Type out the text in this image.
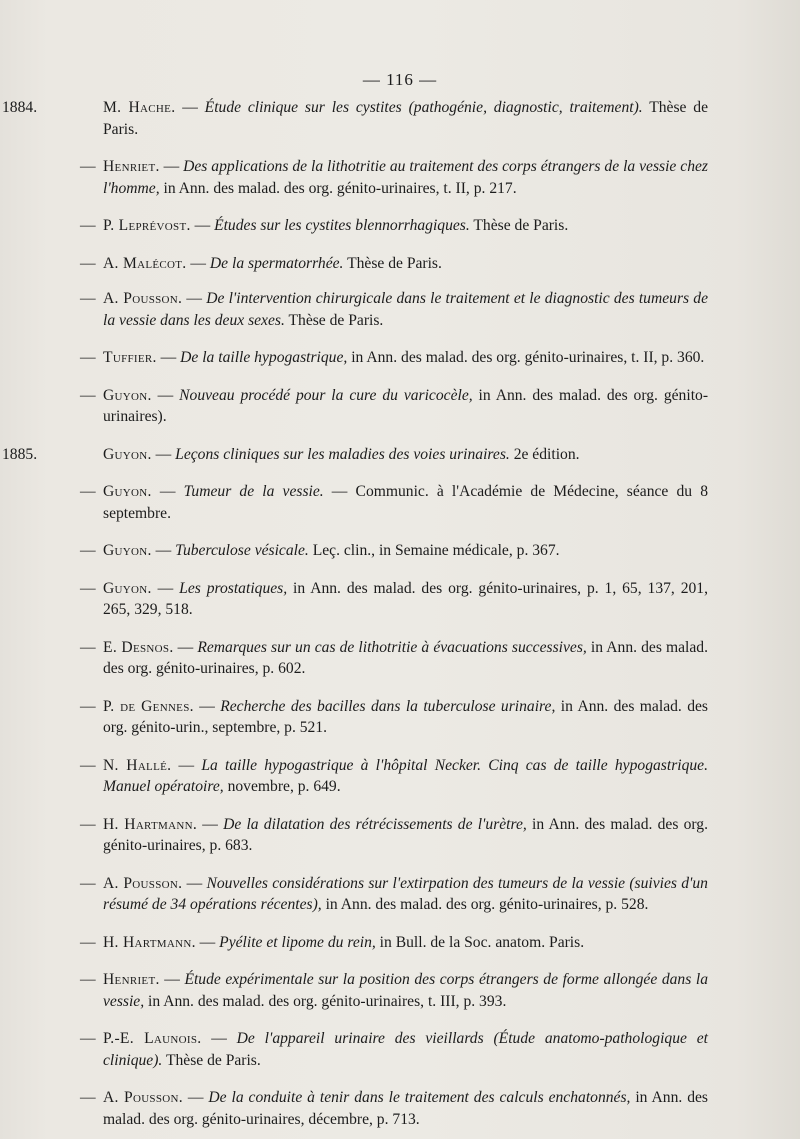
— 116 —
1884.	M. Hache. — Étude clinique sur les cystites (pathogénie, diagnostic, traitement). Thèse de Paris.
— Henriet. — Des applications de la lithotritie au traitement des corps étrangers de la vessie chez l'homme, in Ann. des malad. des org. génito-urinaires, t. II, p. 217.
— P. Leprévost. — Études sur les cystites blennorrhagiques. Thèse de Paris.
— A. Malécot. — De la spermatorrhée. Thèse de Paris.
— A. Pousson. — De l'intervention chirurgicale dans le traitement et le diagnostic des tumeurs de la vessie dans les deux sexes. Thèse de Paris.
— Tuffier. — De la taille hypogastrique, in Ann. des malad. des org. génito-urinaires, t. II, p. 360.
— Guyon. — Nouveau procédé pour la cure du varicocèle, in Ann. des malad. des org. génito-urinaires).
1885.	Guyon. — Leçons cliniques sur les maladies des voies urinaires. 2e édition.
— Guyon. — Tumeur de la vessie. — Communic. à l'Académie de Médecine, séance du 8 septembre.
— Guyon. — Tuberculose vésicale. Leç. clin., in Semaine médicale, p. 367.
— Guyon. — Les prostatiques, in Ann. des malad. des org. génito-urinaires, p. 1, 65, 137, 201, 265, 329, 518.
— E. Desnos. — Remarques sur un cas de lithotritie à évacuations successives, in Ann. des malad. des org. génito-urinaires, p. 602.
— P. de Gennes. — Recherche des bacilles dans la tuberculose urinaire, in Ann. des malad. des org. génito-urin., septembre, p. 521.
— N. Hallé. — La taille hypogastrique à l'hôpital Necker. Cinq cas de taille hypogastrique. Manuel opératoire, novembre, p. 649.
— H. Hartmann. — De la dilatation des rétrécissements de l'urètre, in Ann. des malad. des org. génito-urinaires, p. 683.
— A. Pousson. — Nouvelles considérations sur l'extirpation des tumeurs de la vessie (suivies d'un résumé de 34 opérations récentes), in Ann. des malad. des org. génito-urinaires, p. 528.
— H. Hartmann. — Pyélite et lipome du rein, in Bull. de la Soc. anatom. Paris.
— Henriet. — Étude expérimentale sur la position des corps étrangers de forme allongée dans la vessie, in Ann. des malad. des org. génito-urinaires, t. III, p. 393.
— P.-E. Launois. — De l'appareil urinaire des vieillards (Étude anatomo-pathologique et clinique). Thèse de Paris.
— A. Pousson. — De la conduite à tenir dans le traitement des calculs enchatonnés, in Ann. des malad. des org. génito-urinaires, décembre, p. 713.
